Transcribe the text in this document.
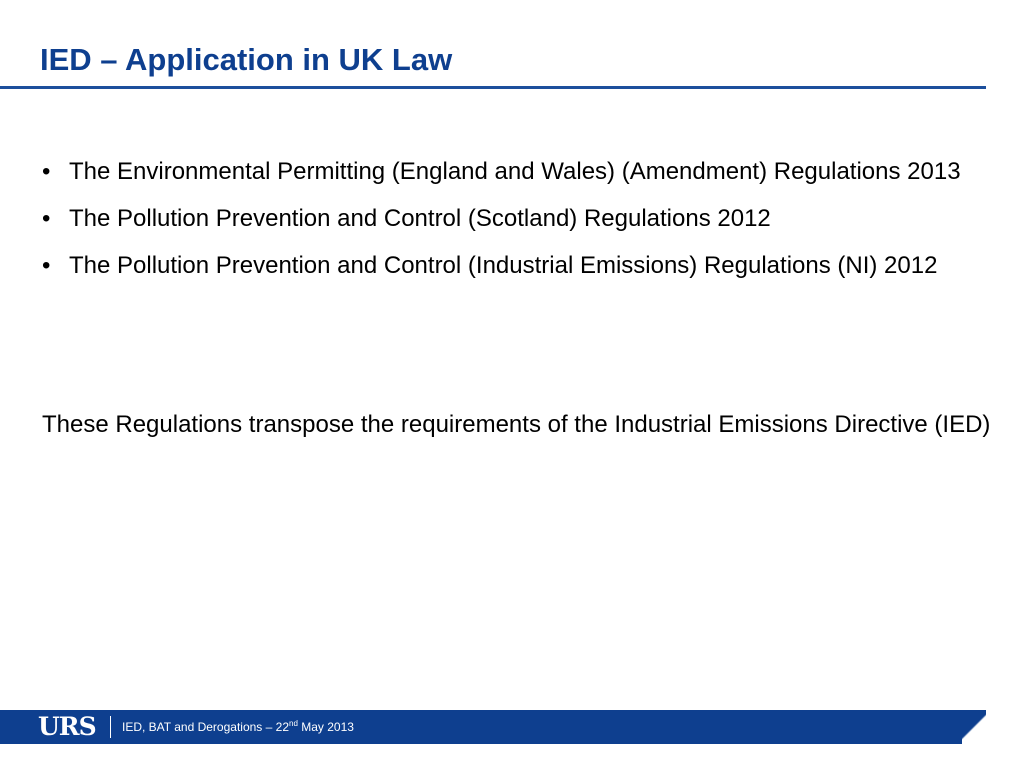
IED – Application in UK Law
• The Environmental Permitting (England and Wales) (Amendment) Regulations 2013
• The Pollution Prevention and Control (Scotland) Regulations 2012
• The Pollution Prevention and Control (Industrial Emissions) Regulations (NI) 2012

These Regulations transpose the requirements of the Industrial Emissions Directive (IED)

URS IED, BAT and Derogations – 22nd May 2013
